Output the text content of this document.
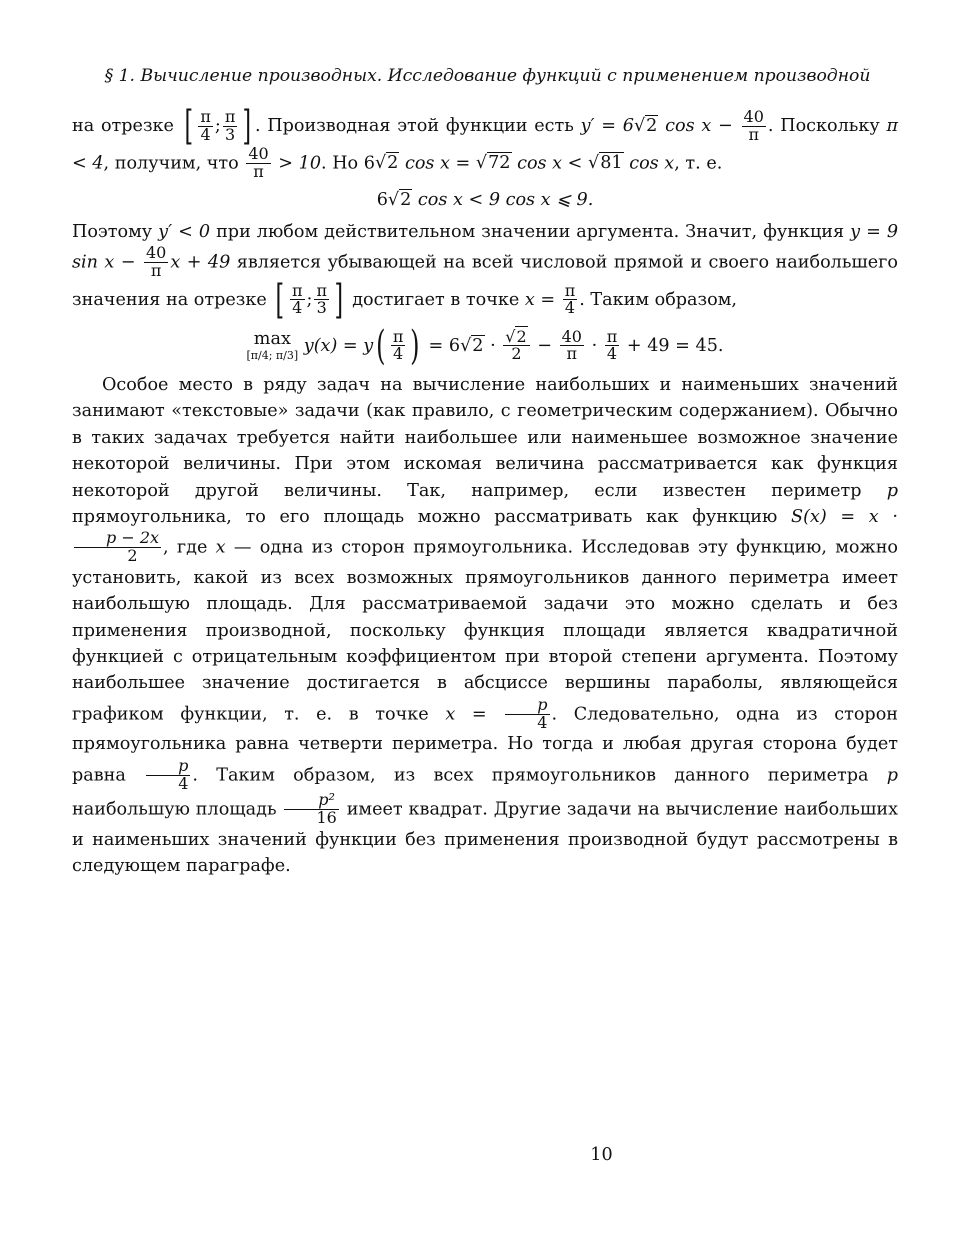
§ 1. Вычисление производных. Исследование функций с применением производной

на отрезке [ $\frac{\pi}{4}$ ; $\frac{\pi}{3}$ ] . Производная этой функции есть y′ = 6√2 $\cos x - \frac{40}{\pi}$ . Поскольку π < 4, получим, что $\frac{40}{\pi} > 10$. Но 6√2 cos x = √72 cos x < √81 cos x, т. е.

6√2 cos x < 9 cos x ⩽ 9.

Поэтому y′ < 0 при любом действительном значении аргумента. Значит, функция y = 9 $\sin x - \frac{40}{\pi}$ x + 49 является убывающей на всей числовой прямой и своего наибольшего значения на отрезке [ $\frac{\pi}{4}$ ; $\frac{\pi}{3}$ ] достигает в точке $x = \frac{\pi}{4}$ . Таким образом,

max
[π/4; π/3] $y(x) = y( \frac{\pi}{4}$ ) = $6√2 \cdot \frac{√2}{2} - \frac{40}{\pi} \cdot \frac{\pi}{4} + 49 = 45$.

Особое место в ряду задач на вычисление наибольших и наименьших значений занимают «текстовые» задачи (как правило, с геометрическим содержанием). Обычно в таких задачах требуется найти наибольшее или наименьшее возможное значение некоторой величины. При этом искомая величина рассматривается как функция некоторой другой величины. Так, например, если известен периметр p прямоугольника, то его площадь можно рассматривать как функцию S(x) = x ·
$\frac{p - 2x}{2}$ , где x — одна из сторон прямоугольника. Исследовав эту функцию, можно установить, какой из всех возможных прямоугольников данного периметра имеет наибольшую площадь. Для рассматриваемой задачи это можно сделать и без применения производной, поскольку функция площади является квадратичной функцией с отрицательным коэффициентом при второй степени аргумента. Поэтому наибольшее значение достигается в абсциссе вершины параболы, являющейся графиком функции, т. е. в точке $x = \frac{p}{4}$ . Следовательно, одна из сторон прямоугольника равна четверти периметра. Но тогда и любая другая сторона будет равна $\frac{p}{4}$ . Таким образом, из всех прямоугольников данного периметра p наибольшую площадь $\frac{\text{p²}}{16}$ имеет квадрат. Другие задачи на вычисление наибольших и наименьших значений функции без применения производной будут рассмотрены в следующем параграфе.

10
